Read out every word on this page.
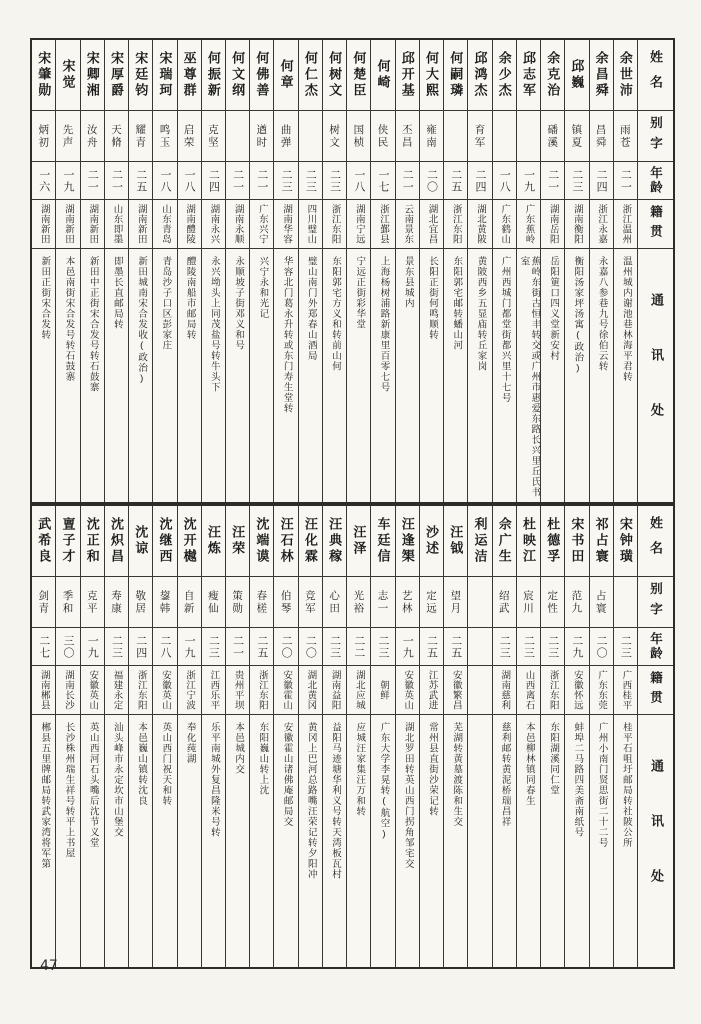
姓名
别字
年龄
籍贯
通讯处
余世沛
雨苍
二一
浙江温州
温州城内谢池巷林海平君转
余昌舜
昌舜
二四
浙江永嘉
永嘉八参巷九号徐伯云转
邱巍
镇夏
二三
湖南衡阳
衡阳汤家坪汤寓(政治)
余克治
磻溪
二一
湖南岳阳
岳阳筻口四义堂新安村
邱志军
一九
广东蕉岭
蕉岭东街古恒丰转交或广州市惠爱东路长兴里丘氏书室
余少杰
一八
广东鹤山
广州西城门都堂街都兴里十七号
邱鸿杰
育军
二四
湖北黄陂
黄陂西乡五显庙转丘家岗
何嗣璘
二五
浙江东阳
东阳郭宅邮转蟠山河
何大熙
雍南
二〇
湖北宜昌
长阳正街何鸣顺转
邱开基
丕昌
二一
云南景东
景东县城内
何崎
侠民
一七
浙江鄞县
上海杨树浦路新康里百零七号
何楚臣
国桢
一八
湖南宁远
宁远正街彩华堂
何树文
树文
二三
浙江东阳
东阳郭宅方义和转前山何
何仁杰
二三
四川璧山
璧山南门外郑春山酒局
何章
曲弹
二三
湖南华容
华容北门葛永升转或东门寿生堂转
何佛善
遒时
二一
广东兴宁
兴宁永和光记
何文纲
二一
湖南永顺
永顺坡子街邓义和号
何振新
克坚
二四
湖南永兴
永兴坳头上同茂盐号转牛头下
巫尊群
启荣
一八
湖南醴陵
醴陵南船市邮局转
宋瑞珂
鸣玉
一八
山东青岛
青岛沙子口区彭家庄
宋廷钧
耀青
二五
湖南新田
新田城南宋合发收(政治)
宋厚爵
天脩
二一
山东即墨
即墨长直邮局转
宋卿湘
汝舟
二一
湖南新田
新田中正街宋合发号转石鼓寨
宋觉
先声
一九
湖南新田
本邑南街宋合发号转石鼓寨
宋肇勋
炳初
一六
湖南新田
新田正街宋合发转
姓名
别字
年龄
籍贯
通讯处
宋钟璜
二三
广西桂平
桂平石咀圩邮局转社陂公所
祁占寰
占寰
二〇
广东东莞
广州小南门贤思街二十二号
宋书田
范九
二九
安徽怀远
蚌埠二马路四美斋南纸号
杜德孚
定性
二三
浙江东阳
东阳湖溪同仁堂
杜映江
宸川
二三
山西离石
本邑柳林镇同春生
佘广生
绍武
二三
湖南慈利
慈利邮转黄泥桥瑞昌祥
利运洁
汪钺
望月
二五
安徽繁昌
芜湖转黄墓渡陈和生交
沙述
定远
二五
江苏武进
常州县直街沙荣记转
汪逢榘
艺林
一九
安徽英山
湖北罗田转英山西门拐角邹宅交
车廷信
志一
二三
朝鲜
广东大学李晃转(航空)
汪泽
光裕
二二
湖北应城
应城汪家集汪万和转
汪典稼
心田
二三
湖南益阳
益阳马迹塘华利义号转天湾板瓦村
汪化霖
竞军
二〇
湖北黄冈
黄冈上巴河总路嘴汪荣记转夕阳冲
汪石林
伯琴
二〇
安徽霍山
安徽霍山诸佛庵邮局交
沈端谟
春槎
二五
浙江东阳
东阳巍山转上沈
汪荣
策勋
二一
贵州平坝
本邑城内交
汪炼
瘦仙
二三
江西乐平
乐平南城外复昌隆米号转
沈开樾
自新
一九
浙江宁波
奉化莼湖
沈继西
鋆韩
二八
安徽英山
英山西门祝天和转
沈谅
敬居
二四
浙江东阳
本邑巍山镇转沈良
沈炽昌
寿康
二三
福建永定
汕头峰市永定坎市山堡交
沈正和
克平
一九
安徽英山
英山西河石头嘴后沈节义堂
亶子才
季和
三〇
湖南长沙
长沙株州瑞生祥号转平上书屋
武希良
剑青
二七
湖南郴县
郴县五里牌邮局转武家湾将军第
47
